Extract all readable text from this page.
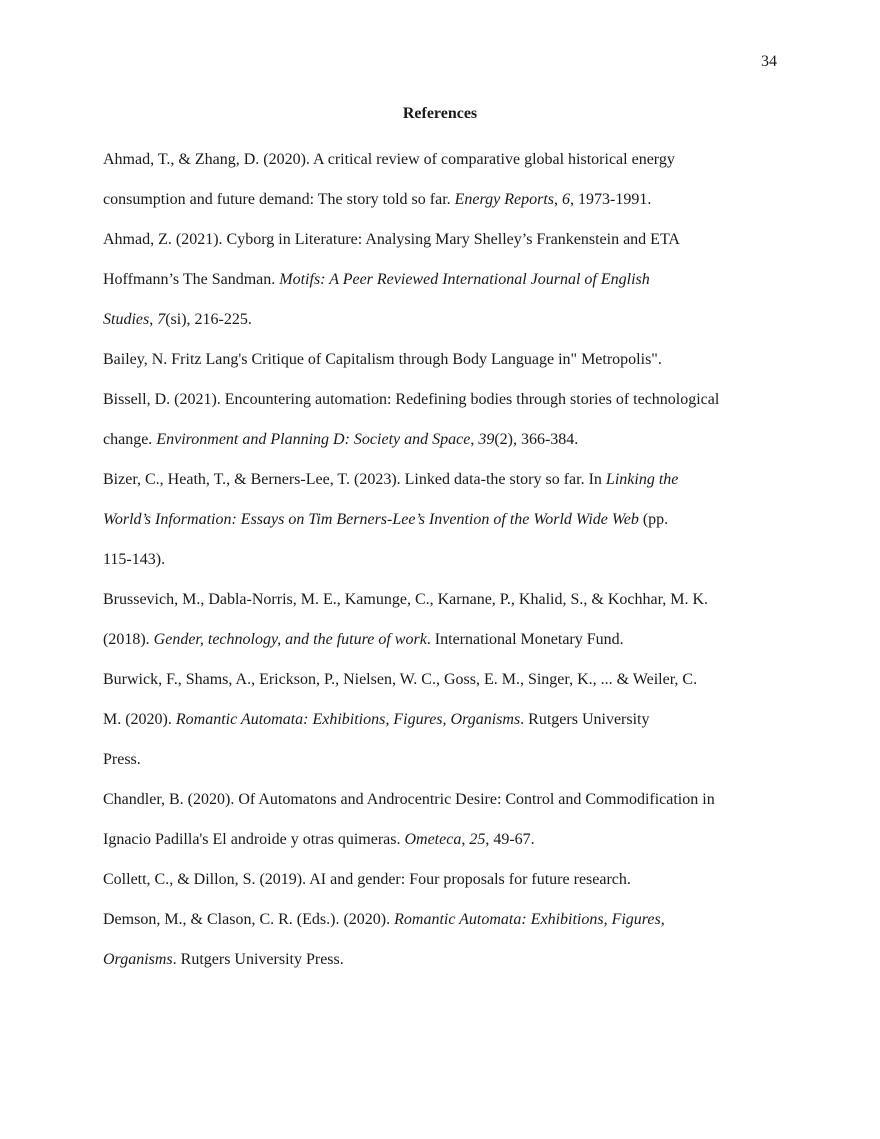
34
References
Ahmad, T., & Zhang, D. (2020). A critical review of comparative global historical energy
consumption and future demand: The story told so far. Energy Reports, 6, 1973-1991.
Ahmad, Z. (2021). Cyborg in Literature: Analysing Mary Shelley’s Frankenstein and ETA
Hoffmann’s The Sandman. Motifs: A Peer Reviewed International Journal of English
Studies, 7(si), 216-225.
Bailey, N. Fritz Lang's Critique of Capitalism through Body Language in" Metropolis".
Bissell, D. (2021). Encountering automation: Redefining bodies through stories of technological
change. Environment and Planning D: Society and Space, 39(2), 366-384.
Bizer, C., Heath, T., & Berners-Lee, T. (2023). Linked data-the story so far. In Linking the
World’s Information: Essays on Tim Berners-Lee’s Invention of the World Wide Web (pp.
115-143).
Brussevich, M., Dabla-Norris, M. E., Kamunge, C., Karnane, P., Khalid, S., & Kochhar, M. K.
(2018). Gender, technology, and the future of work. International Monetary Fund.
Burwick, F., Shams, A., Erickson, P., Nielsen, W. C., Goss, E. M., Singer, K., ... & Weiler, C.
M. (2020). Romantic Automata: Exhibitions, Figures, Organisms. Rutgers University
Press.
Chandler, B. (2020). Of Automatons and Androcentric Desire: Control and Commodification in
Ignacio Padilla's El androide y otras quimeras. Ometeca, 25, 49-67.
Collett, C., & Dillon, S. (2019). AI and gender: Four proposals for future research.
Demson, M., & Clason, C. R. (Eds.). (2020). Romantic Automata: Exhibitions, Figures,
Organisms. Rutgers University Press.
